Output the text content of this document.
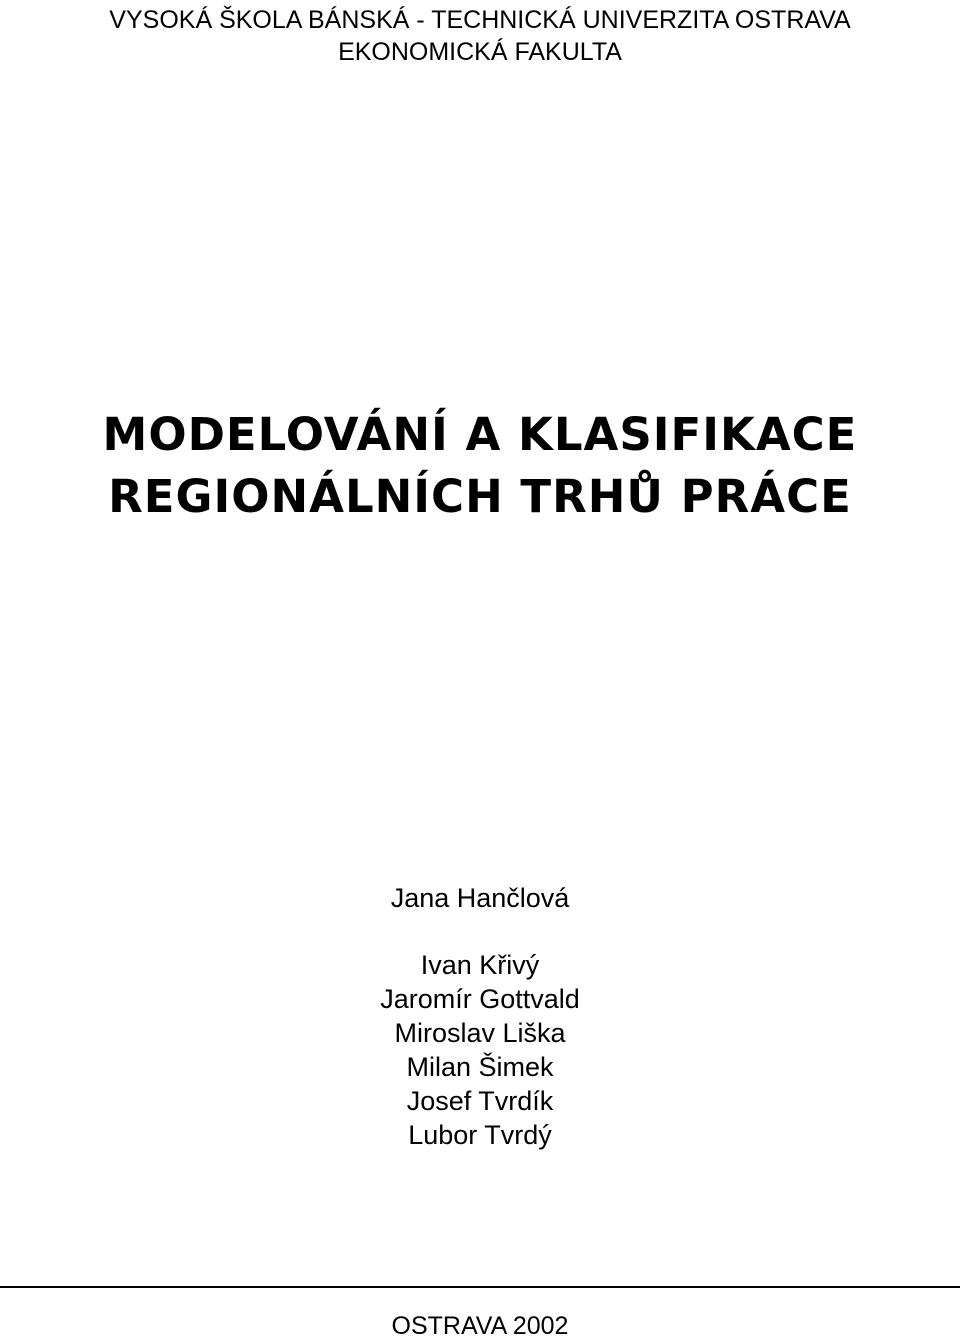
VYSOKÁ ŠKOLA BÁNSKÁ - TECHNICKÁ UNIVERZITA OSTRAVA
EKONOMICKÁ FAKULTA
MODELOVÁNÍ A KLASIFIKACE
REGIONÁLNÍCH TRHŮ PRÁCE
Jana Hančlová
Ivan Křivý
Jaromír Gottvald
Miroslav Liška
Milan Šimek
Josef Tvrdík
Lubor Tvrdý
OSTRAVA 2002
